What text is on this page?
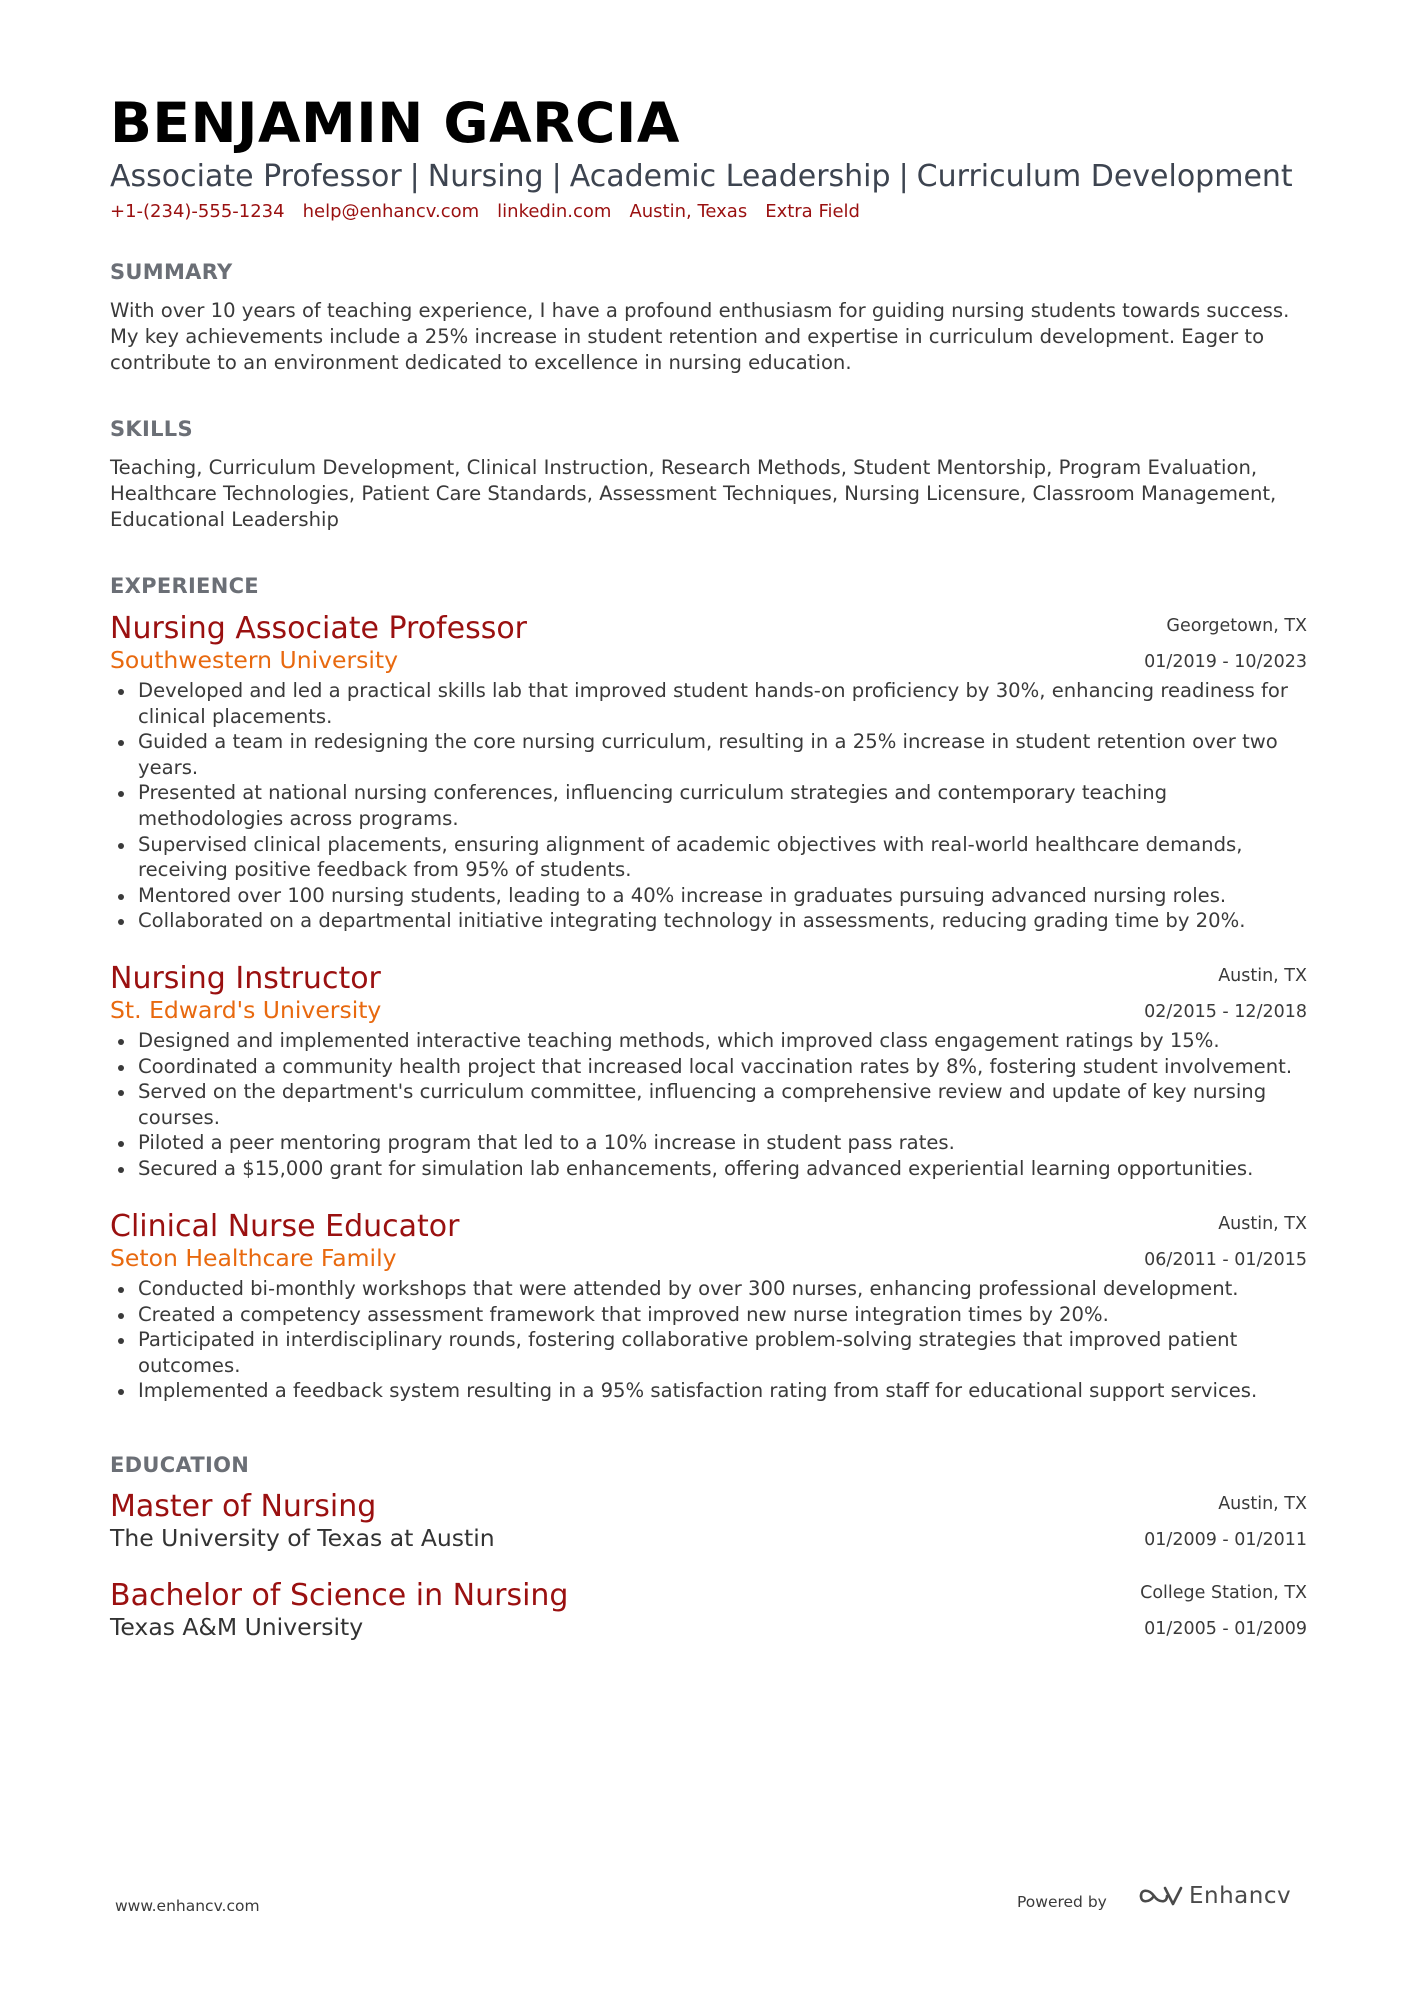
BENJAMIN GARCIA
Associate Professor | Nursing | Academic Leadership | Curriculum Development
+1-(234)-555-1234 help@enhancv.com linkedin.com Austin, Texas Extra Field
SUMMARY
With over 10 years of teaching experience, I have a profound enthusiasm for guiding nursing students towards success. My key achievements include a 25% increase in student retention and expertise in curriculum development. Eager to contribute to an environment dedicated to excellence in nursing education.
SKILLS
Teaching, Curriculum Development, Clinical Instruction, Research Methods, Student Mentorship, Program Evaluation, Healthcare Technologies, Patient Care Standards, Assessment Techniques, Nursing Licensure, Classroom Management, Educational Leadership
EXPERIENCE
Nursing Associate Professor
Southwestern University
Georgetown, TX
01/2019 - 10/2023
Developed and led a practical skills lab that improved student hands-on proficiency by 30%, enhancing readiness for clinical placements.
Guided a team in redesigning the core nursing curriculum, resulting in a 25% increase in student retention over two years.
Presented at national nursing conferences, influencing curriculum strategies and contemporary teaching methodologies across programs.
Supervised clinical placements, ensuring alignment of academic objectives with real-world healthcare demands, receiving positive feedback from 95% of students.
Mentored over 100 nursing students, leading to a 40% increase in graduates pursuing advanced nursing roles.
Collaborated on a departmental initiative integrating technology in assessments, reducing grading time by 20%.
Nursing Instructor
St. Edward's University
Austin, TX
02/2015 - 12/2018
Designed and implemented interactive teaching methods, which improved class engagement ratings by 15%.
Coordinated a community health project that increased local vaccination rates by 8%, fostering student involvement.
Served on the department's curriculum committee, influencing a comprehensive review and update of key nursing courses.
Piloted a peer mentoring program that led to a 10% increase in student pass rates.
Secured a $15,000 grant for simulation lab enhancements, offering advanced experiential learning opportunities.
Clinical Nurse Educator
Seton Healthcare Family
Austin, TX
06/2011 - 01/2015
Conducted bi-monthly workshops that were attended by over 300 nurses, enhancing professional development.
Created a competency assessment framework that improved new nurse integration times by 20%.
Participated in interdisciplinary rounds, fostering collaborative problem-solving strategies that improved patient outcomes.
Implemented a feedback system resulting in a 95% satisfaction rating from staff for educational support services.
EDUCATION
Master of Nursing
The University of Texas at Austin
Austin, TX
01/2009 - 01/2011
Bachelor of Science in Nursing
Texas A&M University
College Station, TX
01/2005 - 01/2009
www.enhancv.com	Powered by	Enhancv
